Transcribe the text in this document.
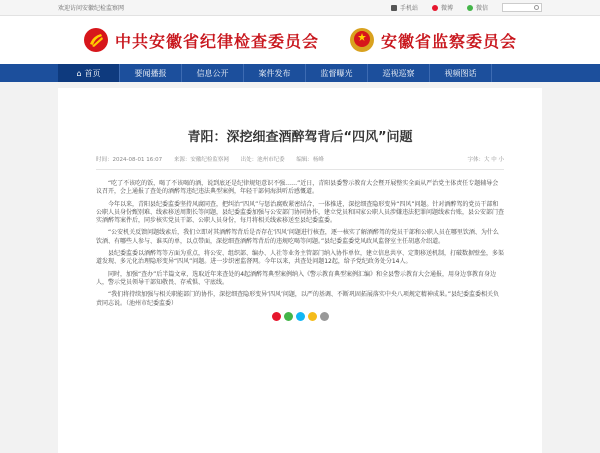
欢迎访问安徽纪检监察网	手机站	微博	微信
中共安徽省纪律检查委员会	安徽省监察委员会
⌂ 首页	要闻播报	信息公开	案件发布	监督曝光	巡视巡察	视频图话
青阳：深挖细查酒醉驾背后“四风”问题
时间：2024-08-01 16:07 来源：安徽纪检监察网 出处：池州市纪委 编辑：杨峰	字体：大 中 小

“吃了不该吃的饭，喝了不该喝的酒，说到底还是纪律规矩意识不强……”近日，青阳县委警示教育大会暨开展整实全面从严治党主体责任专题辅导会议召开，会上通报了查处的酒醉驾违纪违法典型案例，年轻干部伺海洪听后感慨道。

今年以来，青阳县纪委监委坚持风腐同查，把纠治“四风”与惩治腐败紧密结合，一体推进，深挖细查隐形变异“四风”问题。针对酒醉驾的党员干部和公职人员身份甄别难、线索移送周期长等问题，县纪委监委加强与公安部门协同协作，建立党员和国家公职人员涉嫌违法犯罪问题线索台账，县公安部门查实酒醉驾案件后，同步核实党员干部、公职人员身份，每月将相关线索移送至县纪委监委。

“公安机关反馈问题线索后，我们立即对其酒醉驾背后是否存在‘四风’问题进行核查，逐一核实了解酒醉驾的党员干部和公职人员在哪里饮酒、为什么饮酒、有哪些人参与、谁买的单，以点带面，深挖细查酒醉驾背后的违规吃喝等问题。”县纪委监委党风政风监督室主任胡惠介绍道。

县纪委监委以酒醉驾等方面为重点，将公安、组织部、编办、人社等业务主管部门纳入协作单位，建立信息共享、定期移送机制，打破数据壁垒，多渠道发现、多元化治理隐形变异“四风”问题。进一步织密监督网。今年以来，共查处问题12起，给予党纪政务处分14人。

同时，加强“查办”后半篇文章，选取近年来查处的4起酒醉驾典型案例纳入《警示教育典型案例汇编》和全县警示教育大会通报，用身边事教育身边人，警示党员领导干部知敬畏、存戒惧、守底线。

“我们将持续加强与相关职能部门的协作，深挖细查隐形变异‘四风’问题，以严的基调、不断巩固拓展落实中央八项规定精神成果。”县纪委监委相关负责同志说。（池州市纪委监委）
